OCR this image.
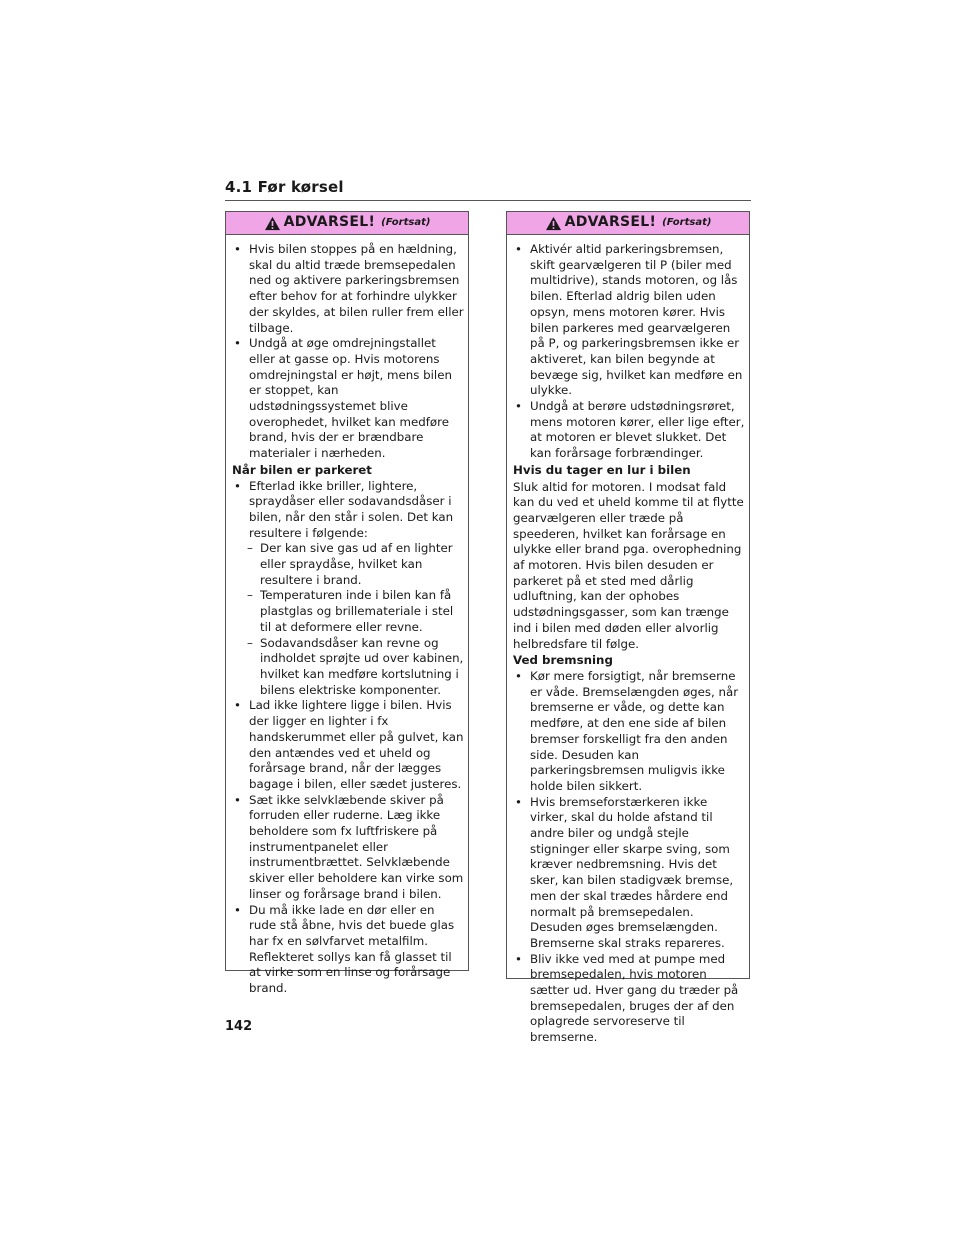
4.1 Før kørsel
ADVARSEL! (Fortsat)
• Hvis bilen stoppes på en hældning, skal du altid træde bremsepedalen ned og aktivere parkeringsbremsen efter behov for at forhindre ulykker der skyldes, at bilen ruller frem eller tilbage.
• Undgå at øge omdrejningstallet eller at gasse op. Hvis motorens omdrejningstal er højt, mens bilen er stoppet, kan udstødningssystemet blive overophedet, hvilket kan medføre brand, hvis der er brændbare materialer i nærheden.
Når bilen er parkeret
• Efterlad ikke briller, lightere, spraydåser eller sodavandsdåser i bilen, når den står i solen. Det kan resultere i følgende:
– Der kan sive gas ud af en lighter eller spraydåse, hvilket kan resultere i brand.
– Temperaturen inde i bilen kan få plastglas og brillemateriale i stel til at deformere eller revne.
– Sodavandsdåser kan revne og indholdet sprøjte ud over kabinen, hvilket kan medføre kortslutning i bilens elektriske komponenter.
• Lad ikke lightere ligge i bilen. Hvis der ligger en lighter i fx handskerummet eller på gulvet, kan den antændes ved et uheld og forårsage brand, når der lægges bagage i bilen, eller sædet justeres.
• Sæt ikke selvklæbende skiver på forruden eller ruderne. Læg ikke beholdere som fx luftfriskere på instrumentpanelet eller instrumentbrættet. Selvklæbende skiver eller beholdere kan virke som linser og forårsage brand i bilen.
• Du må ikke lade en dør eller en rude stå åbne, hvis det buede glas har fx en sølvfarvet metalfilm. Reflekteret sollys kan få glasset til at virke som en linse og forårsage brand.
ADVARSEL! (Fortsat)
• Aktivér altid parkeringsbremsen, skift gearvælgeren til P (biler med multidrive), stands motoren, og lås bilen. Efterlad aldrig bilen uden opsyn, mens motoren kører. Hvis bilen parkeres med gearvælgeren på P, og parkeringsbremsen ikke er aktiveret, kan bilen begynde at bevæge sig, hvilket kan medføre en ulykke.
• Undgå at berøre udstødningsrøret, mens motoren kører, eller lige efter, at motoren er blevet slukket. Det kan forårsage forbrændinger.
Hvis du tager en lur i bilen
Sluk altid for motoren. I modsat fald kan du ved et uheld komme til at flytte gearvælgeren eller træde på speederen, hvilket kan forårsage en ulykke eller brand pga. overophedning af motoren. Hvis bilen desuden er parkeret på et sted med dårlig udluftning, kan der ophobes udstødningsgasser, som kan trænge ind i bilen med døden eller alvorlig helbredsfare til følge.
Ved bremsning
• Kør mere forsigtigt, når bremserne er våde. Bremselængden øges, når bremserne er våde, og dette kan medføre, at den ene side af bilen bremser forskelligt fra den anden side. Desuden kan parkeringsbremsen muligvis ikke holde bilen sikkert.
• Hvis bremseforstærkeren ikke virker, skal du holde afstand til andre biler og undgå stejle stigninger eller skarpe sving, som kræver nedbremsning. Hvis det sker, kan bilen stadigvæk bremse, men der skal trædes hårdere end normalt på bremsepedalen. Desuden øges bremselængden. Bremserne skal straks repareres.
• Bliv ikke ved med at pumpe med bremsepedalen, hvis motoren sætter ud. Hver gang du træder på bremsepedalen, bruges der af den oplagrede servoreserve til bremserne.
142
